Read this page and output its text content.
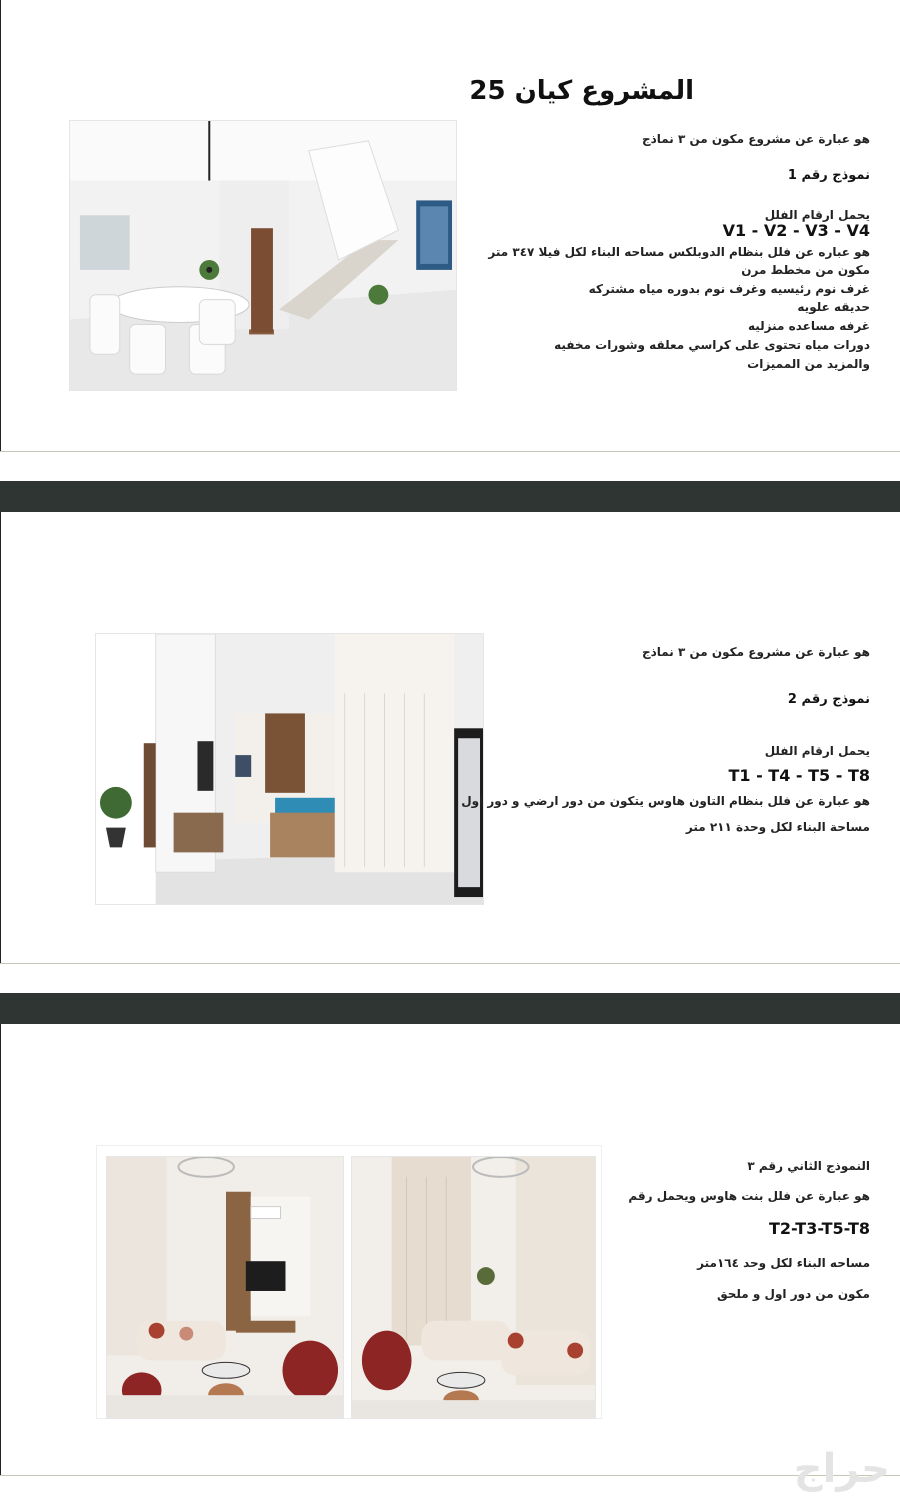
المشروع كيان 25
هو عبارة عن مشروع مكون من ٣ نماذج
نموذج رقم 1
يحمل ارقام الفلل
V1 - V2 - V3 - V4
هو عباره عن فلل بنظام الدوبلكس مساحه البناء لكل فيلا ٣٤٧ متر
مكون من مخطط مرن
غرف نوم رئيسيه وغرف نوم بدوره مياه مشتركه
حديقه علويه
غرفه مساعده منزليه
دورات مياه تحتوى على كراسي معلقه وشورات مخفيه
والمزيد من المميزات
هو عبارة عن مشروع مكون من ٣ نماذج
نموذج رقم 2
يحمل ارقام الفلل
T1 - T4 - T5 - T8
هو عبارة عن فلل بنظام التاون هاوس يتكون من دور ارضي و دور اول
مساحة البناء لكل وحدة ٢١١ متر
النموذج الثاني رقم ٣
هو عبارة عن فلل بنت هاوس ويحمل رقم
T2-T3-T5-T8
مساحه البناء لكل وحد ١٦٤متر
مكون من دور اول و ملحق
حراج
